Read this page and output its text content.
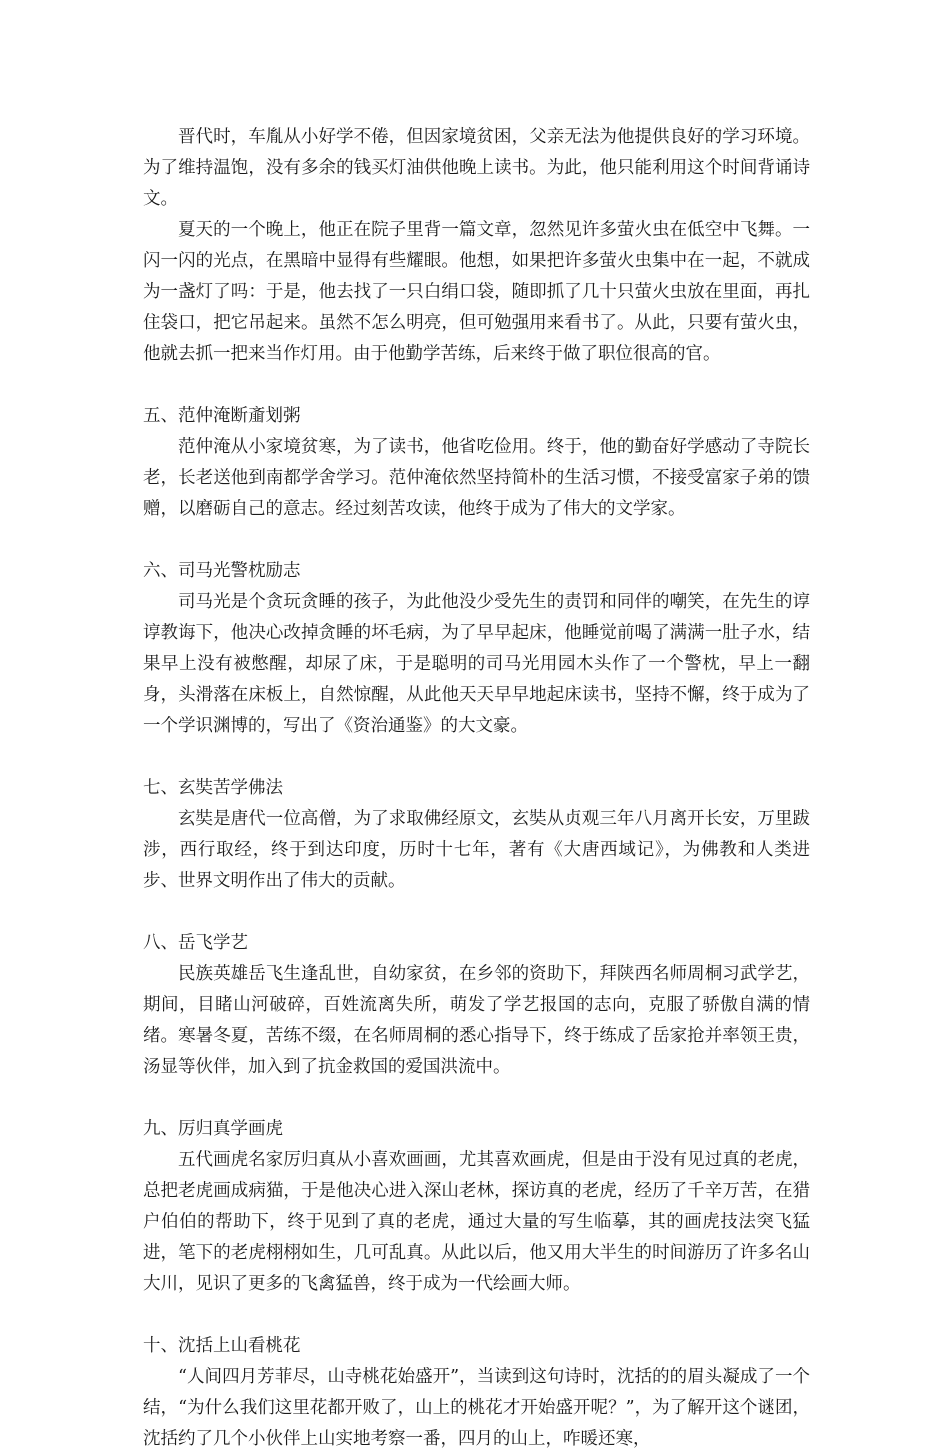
晋代时，车胤从小好学不倦，但因家境贫困，父亲无法为他提供良好的学习环境。为了维持温饱，没有多余的钱买灯油供他晚上读书。为此，他只能利用这个时间背诵诗文。

夏天的一个晚上，他正在院子里背一篇文章，忽然见许多萤火虫在低空中飞舞。一闪一闪的光点，在黑暗中显得有些耀眼。他想，如果把许多萤火虫集中在一起，不就成为一盏灯了吗：于是，他去找了一只白绢口袋，随即抓了几十只萤火虫放在里面，再扎住袋口，把它吊起来。虽然不怎么明亮，但可勉强用来看书了。从此，只要有萤火虫，他就去抓一把来当作灯用。由于他勤学苦练，后来终于做了职位很高的官。

五、范仲淹断齑划粥

范仲淹从小家境贫寒，为了读书，他省吃俭用。终于，他的勤奋好学感动了寺院长老，长老送他到南都学舍学习。范仲淹依然坚持简朴的生活习惯，不接受富家子弟的馈赠，以磨砺自己的意志。经过刻苦攻读，他终于成为了伟大的文学家。

六、司马光警枕励志

司马光是个贪玩贪睡的孩子，为此他没少受先生的责罚和同伴的嘲笑，在先生的谆谆教诲下，他决心改掉贪睡的坏毛病，为了早早起床，他睡觉前喝了满满一肚子水，结果早上没有被憋醒，却尿了床，于是聪明的司马光用园木头作了一个警枕，早上一翻身，头滑落在床板上，自然惊醒，从此他天天早早地起床读书，坚持不懈，终于成为了一个学识渊博的，写出了《资治通鉴》的大文豪。

七、玄奘苦学佛法

玄奘是唐代一位高僧，为了求取佛经原文，玄奘从贞观三年八月离开长安，万里跋涉，西行取经，终于到达印度，历时十七年，著有《大唐西域记》，为佛教和人类进步、世界文明作出了伟大的贡献。

八、岳飞学艺

民族英雄岳飞生逢乱世，自幼家贫，在乡邻的资助下，拜陕西名师周桐习武学艺，期间，目睹山河破碎，百姓流离失所，萌发了学艺报国的志向，克服了骄傲自满的情绪。寒暑冬夏，苦练不缀，在名师周桐的悉心指导下，终于练成了岳家抢并率领王贵，汤显等伙伴，加入到了抗金救国的爱国洪流中。

九、厉归真学画虎

五代画虎名家厉归真从小喜欢画画，尤其喜欢画虎，但是由于没有见过真的老虎，总把老虎画成病猫，于是他决心进入深山老林，探访真的老虎，经历了千辛万苦，在猎户伯伯的帮助下，终于见到了真的老虎，通过大量的写生临摹，其的画虎技法突飞猛进，笔下的老虎栩栩如生，几可乱真。从此以后，他又用大半生的时间游历了许多名山大川，见识了更多的飞禽猛兽，终于成为一代绘画大师。

十、沈括上山看桃花

“人间四月芳菲尽，山寺桃花始盛开”，当读到这句诗时，沈括的的眉头凝成了一个结，“为什么我们这里花都开败了，山上的桃花才开始盛开呢？”，为了解开这个谜团，沈括约了几个小伙伴上山实地考察一番，四月的山上，咋暖还寒，
